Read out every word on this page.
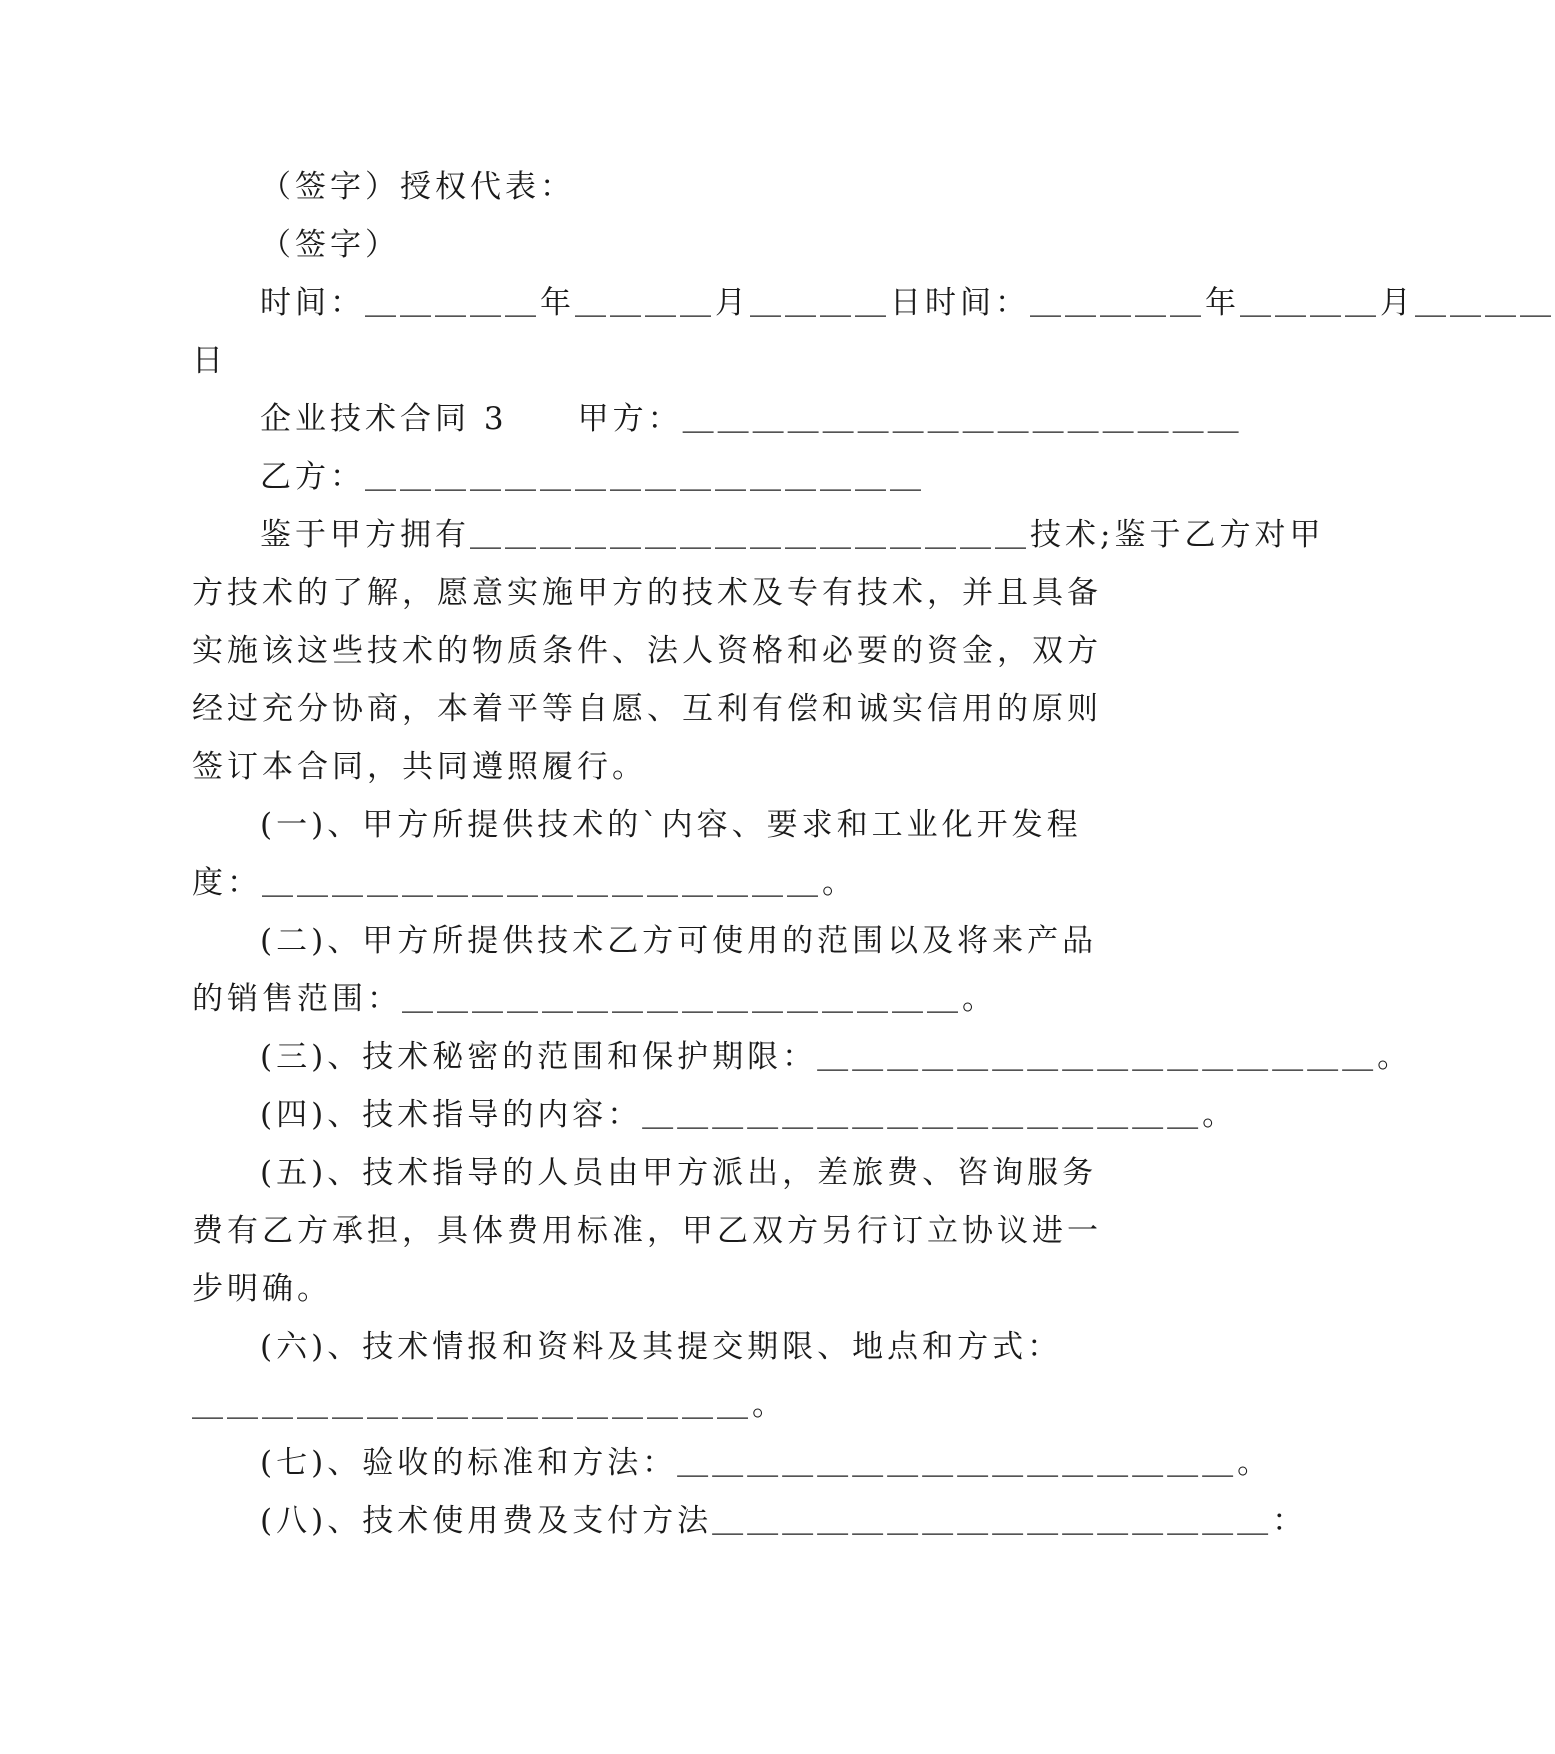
（签字）授权代表：
（签字）
时间：＿＿＿＿＿年＿＿＿＿月＿＿＿＿日时间：＿＿＿＿＿年＿＿＿＿月＿＿＿＿
日
企业技术合同 3　　甲方：＿＿＿＿＿＿＿＿＿＿＿＿＿＿＿＿
乙方：＿＿＿＿＿＿＿＿＿＿＿＿＿＿＿＿
鉴于甲方拥有＿＿＿＿＿＿＿＿＿＿＿＿＿＿＿＿技术;鉴于乙方对甲
方技术的了解，愿意实施甲方的技术及专有技术，并且具备
实施该这些技术的物质条件、法人资格和必要的资金，双方
经过充分协商，本着平等自愿、互利有偿和诚实信用的原则
签订本合同，共同遵照履行。
(一)、甲方所提供技术的`内容、要求和工业化开发程
度：＿＿＿＿＿＿＿＿＿＿＿＿＿＿＿＿。
(二)、甲方所提供技术乙方可使用的范围以及将来产品
的销售范围：＿＿＿＿＿＿＿＿＿＿＿＿＿＿＿＿。
(三)、技术秘密的范围和保护期限：＿＿＿＿＿＿＿＿＿＿＿＿＿＿＿＿。
(四)、技术指导的内容：＿＿＿＿＿＿＿＿＿＿＿＿＿＿＿＿。
(五)、技术指导的人员由甲方派出，差旅费、咨询服务
费有乙方承担，具体费用标准，甲乙双方另行订立协议进一
步明确。
(六)、技术情报和资料及其提交期限、地点和方式：
＿＿＿＿＿＿＿＿＿＿＿＿＿＿＿＿。
(七)、验收的标准和方法：＿＿＿＿＿＿＿＿＿＿＿＿＿＿＿＿。
(八)、技术使用费及支付方法＿＿＿＿＿＿＿＿＿＿＿＿＿＿＿＿：
